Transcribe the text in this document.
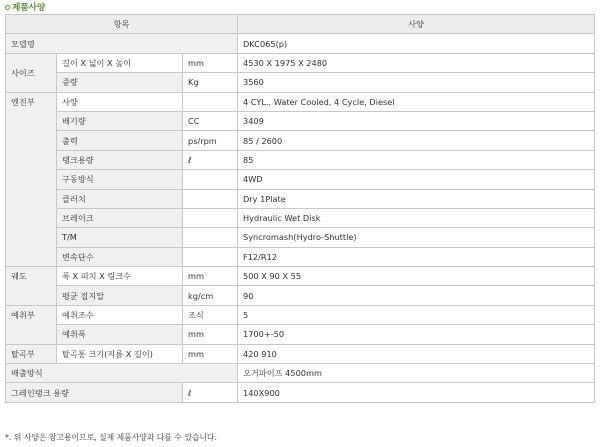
제품사양
항목			사양
모델명			DKC065(p)
사이즈	길이 X 넓이 X 높이	mm	4530 X 1975 X 2480
	중량	Kg	3560
엔진부	사양		4 CYL., Water Cooled, 4 Cycle, Diesel
	배기량	CC	3409
	출력	ps/rpm	85 / 2600
	탱크용량	ℓ	85
	구동방식		4WD
	클러치		Dry 1Plate
	브레이크		Hydraulic Wet Disk
	T/M		Syncromash(Hydro-Shuttle)
	변속단수		F12/R12
궤도	폭 X 피치 X 링크수	mm	500 X 90 X 55
	평균 접지압	kg/cm	90
예취부	예취조수	조식	5
	예취폭	mm	1700+-50
탈곡부	탈곡통 크기(지름 X 길이)	mm	420 910
배출방식			오거파이프 4500mm
그레인탱크 용량		ℓ	140X900
*. 위 사양은 참고용이므로, 실제 제품사양과 다를 수 있습니다.
